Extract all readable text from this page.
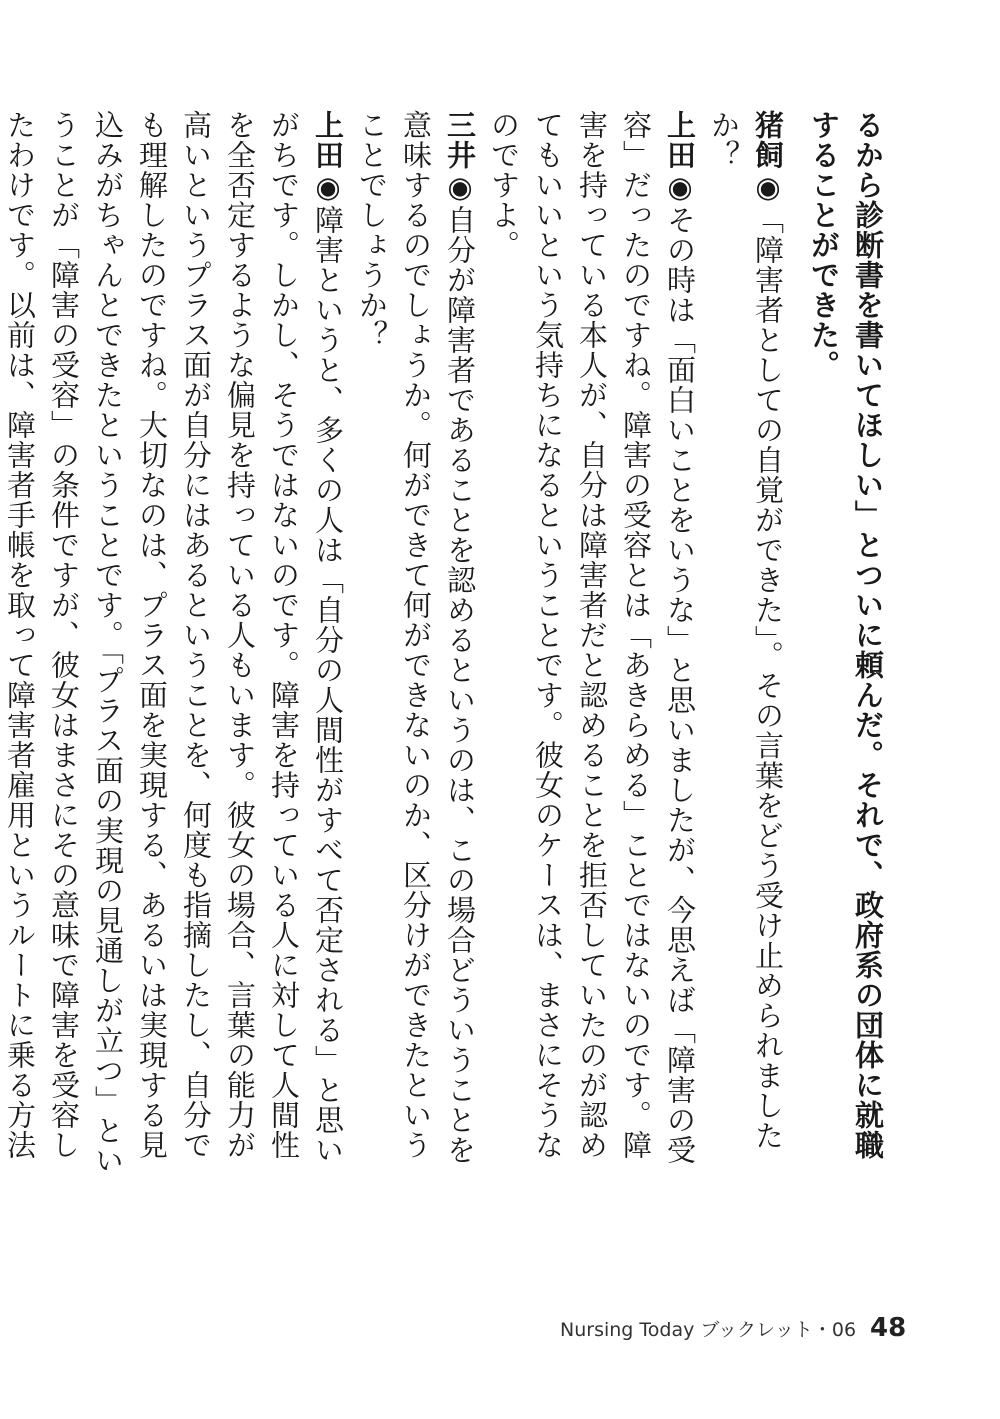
るから診断書を書いてほしい」とついに頼んだ。それで、政府系の団体に就職することができた。

猪飼◉「障害者としての自覚ができた」。その言葉をどう受け止められましたか？

上田◉その時は「面白いことをいうな」と思いましたが、今思えば「障害の受容」だったのですね。障害の受容とは「あきらめる」ことではないのです。障害を持っている本人が、自分は障害者だと認めることを拒否していたのが認めてもいいという気持ちになるということです。彼女のケースは、まさにそうなのですよ。

三井◉自分が障害者であることを認めるというのは、この場合どういうことを意味するのでしょうか。何ができて何ができないのか、区分けができたということでしょうか？

上田◉障害というと、多くの人は「自分の人間性がすべて否定される」と思いがちです。しかし、そうではないのです。障害を持っている人に対して人間性を全否定するような偏見を持っている人もいます。彼女の場合、言葉の能力が高いというプラス面が自分にはあるということを、何度も指摘したし、自分でも理解したのですね。大切なのは、プラス面を実現する、あるいは実現する見込みがちゃんとできたということです。「プラス面の実現の見通しが立つ」ということが「障害の受容」の条件ですが、彼女はまさにその意味で障害を受容したわけです。以前は、障害者手帳を取って障害者雇用というルートに乗る方法

Nursing Today ブックレット・06 48
